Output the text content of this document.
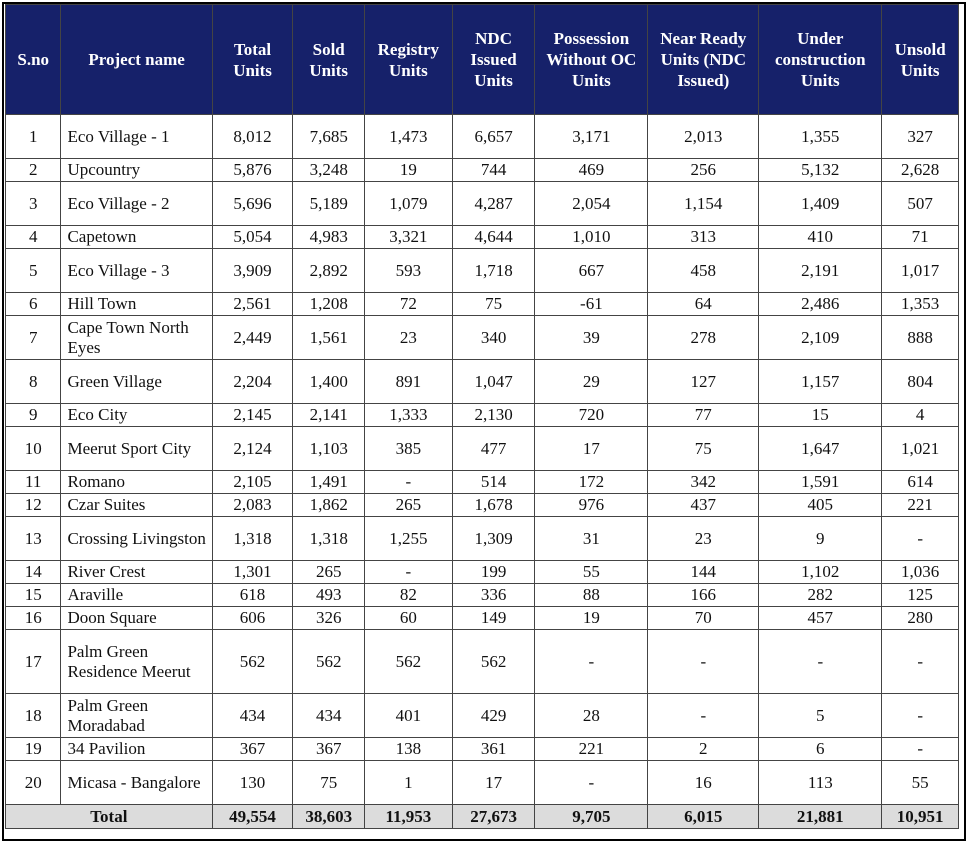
S.no	Project name	Total Units	Sold Units	Registry Units	NDC Issued Units	Possession Without OC Units	Near Ready Units (NDC Issued)	Under construction Units	Unsold Units
1	Eco Village - 1	8,012	7,685	1,473	6,657	3,171	2,013	1,355	327
2	Upcountry	5,876	3,248	19	744	469	256	5,132	2,628
3	Eco Village - 2	5,696	5,189	1,079	4,287	2,054	1,154	1,409	507
4	Capetown	5,054	4,983	3,321	4,644	1,010	313	410	71
5	Eco Village - 3	3,909	2,892	593	1,718	667	458	2,191	1,017
6	Hill Town	2,561	1,208	72	75	-61	64	2,486	1,353
7	Cape Town North Eyes	2,449	1,561	23	340	39	278	2,109	888
8	Green Village	2,204	1,400	891	1,047	29	127	1,157	804
9	Eco City	2,145	2,141	1,333	2,130	720	77	15	4
10	Meerut Sport City	2,124	1,103	385	477	17	75	1,647	1,021
11	Romano	2,105	1,491	-	514	172	342	1,591	614
12	Czar Suites	2,083	1,862	265	1,678	976	437	405	221
13	Crossing Livingston	1,318	1,318	1,255	1,309	31	23	9	-
14	River Crest	1,301	265	-	199	55	144	1,102	1,036
15	Araville	618	493	82	336	88	166	282	125
16	Doon Square	606	326	60	149	19	70	457	280
17	Palm Green Residence Meerut	562	562	562	562	-	-	-	-
18	Palm Green Moradabad	434	434	401	429	28	-	5	-
19	34 Pavilion	367	367	138	361	221	2	6	-
20	Micasa - Bangalore	130	75	1	17	-	16	113	55
Total		49,554	38,603	11,953	27,673	9,705	6,015	21,881	10,951
